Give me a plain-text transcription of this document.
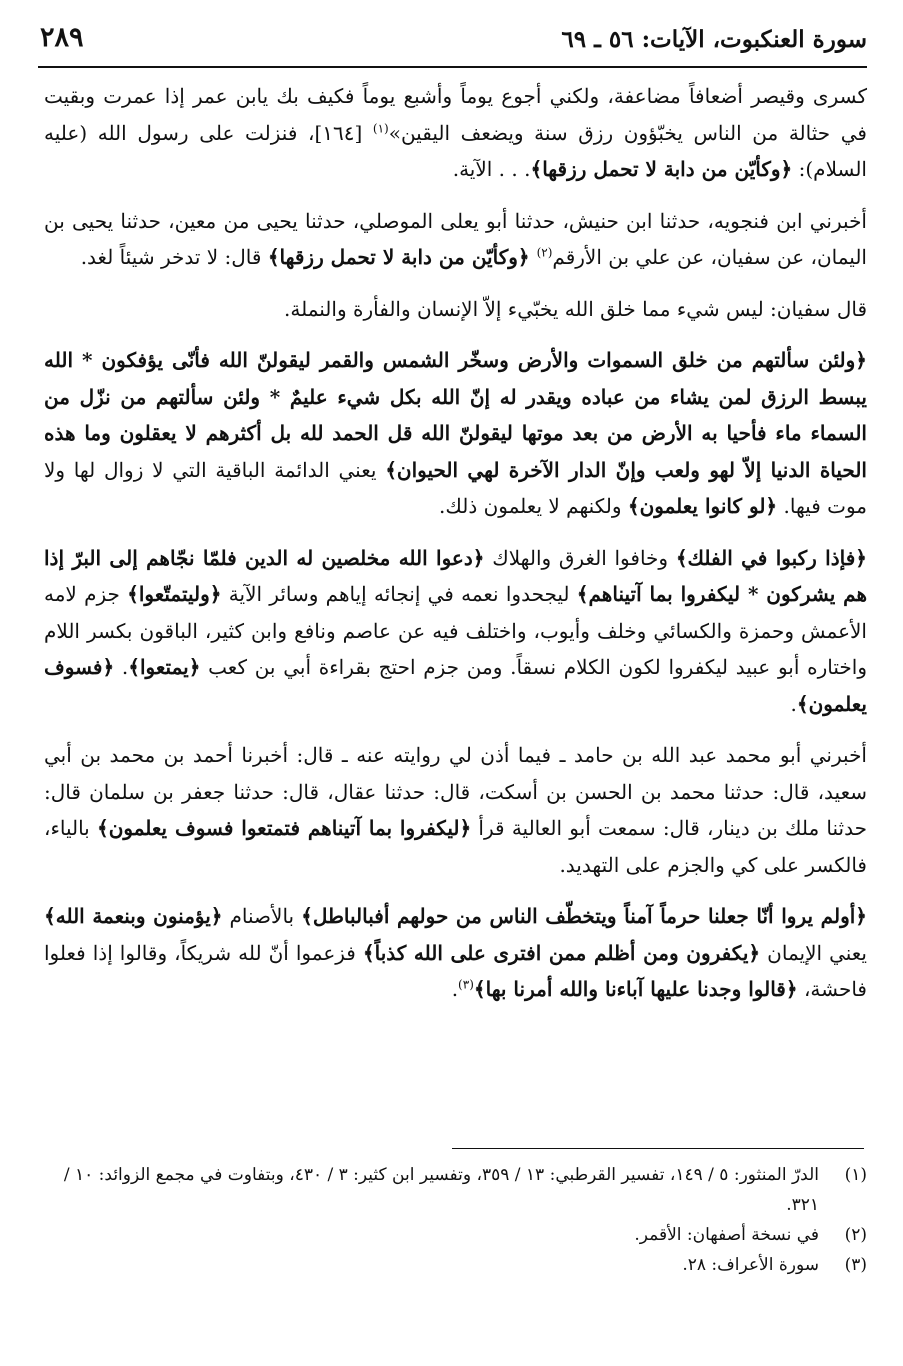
سورة العنكبوت، الآيات: ٥٦ ـ ٦٩
٢٨٩

كسرى وقيصر أضعافاً مضاعفة، ولكني أجوع يوماً وأشبع يوماً فكيف بك يابن عمر إذا عمرت وبقيت في حثالة من الناس يخبّؤون رزق سنة ويضعف اليقين»$^{(١)}$ [١٦٤]، فنزلت على رسول الله (عليه السلام): ﴿وكأيّن من دابة لا تحمل رزقها﴾. . . الآية.

أخبرني ابن فنجويه، حدثنا ابن حنيش، حدثنا أبو يعلى الموصلي، حدثنا يحيى من معين، حدثنا يحيى بن اليمان، عن سفيان، عن علي بن الأرقم$^{(٢)}$ ﴿وكأيّن من دابة لا تحمل رزقها﴾ قال: لا تدخر شيئاً لغد.

قال سفيان: ليس شيء مما خلق الله يخبّيء إلاّ الإنسان والفأرة والنملة.

﴿ولئن سألتهم من خلق السموات والأرض وسخّر الشمس والقمر ليقولنّ الله فأنّى يؤفكون * الله يبسط الرزق لمن يشاء من عباده ويقدر له إنّ الله بكل شيء عليمٌ * ولئن سألتهم من نزّل من السماء ماء فأحيا به الأرض من بعد موتها ليقولنّ الله قل الحمد لله بل أكثرهم لا يعقلون وما هذه الحياة الدنيا إلاّ لهو ولعب وإنّ الدار الآخرة لهي الحيوان﴾ يعني الدائمة الباقية التي لا زوال لها ولا موت فيها. ﴿لو كانوا يعلمون﴾ ولكنهم لا يعلمون ذلك.

﴿فإذا ركبوا في الفلك﴾ وخافوا الغرق والهلاك ﴿دعوا الله مخلصين له الدين فلمّا نجّاهم إلى البرّ إذا هم يشركون * ليكفروا بما آتيناهم﴾ ليجحدوا نعمه في إنجائه إياهم وسائر الآية ﴿وليتمتّعوا﴾ جزم لامه الأعمش وحمزة والكسائي وخلف وأيوب، واختلف فيه عن عاصم ونافع وابن كثير، الباقون بكسر اللام واختاره أبو عبيد ليكفروا لكون الكلام نسقاً. ومن جزم احتج بقراءة أبي بن كعب ﴿يمتعوا﴾. ﴿فسوف يعلمون﴾.

أخبرني أبو محمد عبد الله بن حامد ـ فيما أذن لي روايته عنه ـ قال: أخبرنا أحمد بن محمد بن أبي سعيد، قال: حدثنا محمد بن الحسن بن أسكت، قال: حدثنا عقال، قال: حدثنا جعفر بن سلمان قال: حدثنا ملك بن دينار، قال: سمعت أبو العالية قرأ ﴿ليكفروا بما آتيناهم فتمتعوا فسوف يعلمون﴾ بالياء، فالكسر على كي والجزم على التهديد.

﴿أولم يروا أنّا جعلنا حرماً آمناً ويتخطّف الناس من حولهم أفبالباطل﴾ بالأصنام ﴿يؤمنون وبنعمة الله﴾ يعني الإيمان ﴿يكفرون ومن أظلم ممن افترى على الله كذباً﴾ فزعموا أنّ لله شريكاً، وقالوا إذا فعلوا فاحشة، ﴿قالوا وجدنا عليها آباءنا والله أمرنا بها﴾$^{(٣)}$.

(١)
الدرّ المنثور: ٥ / ١٤٩، تفسير القرطبي: ١٣ / ٣٥٩، وتفسير ابن كثير: ٣ / ٤٣٠، وبتفاوت في مجمع الزوائد: ١٠ / ٣٢١.
(٢)
في نسخة أصفهان: الأقمر.
(٣)
سورة الأعراف: ٢٨.
